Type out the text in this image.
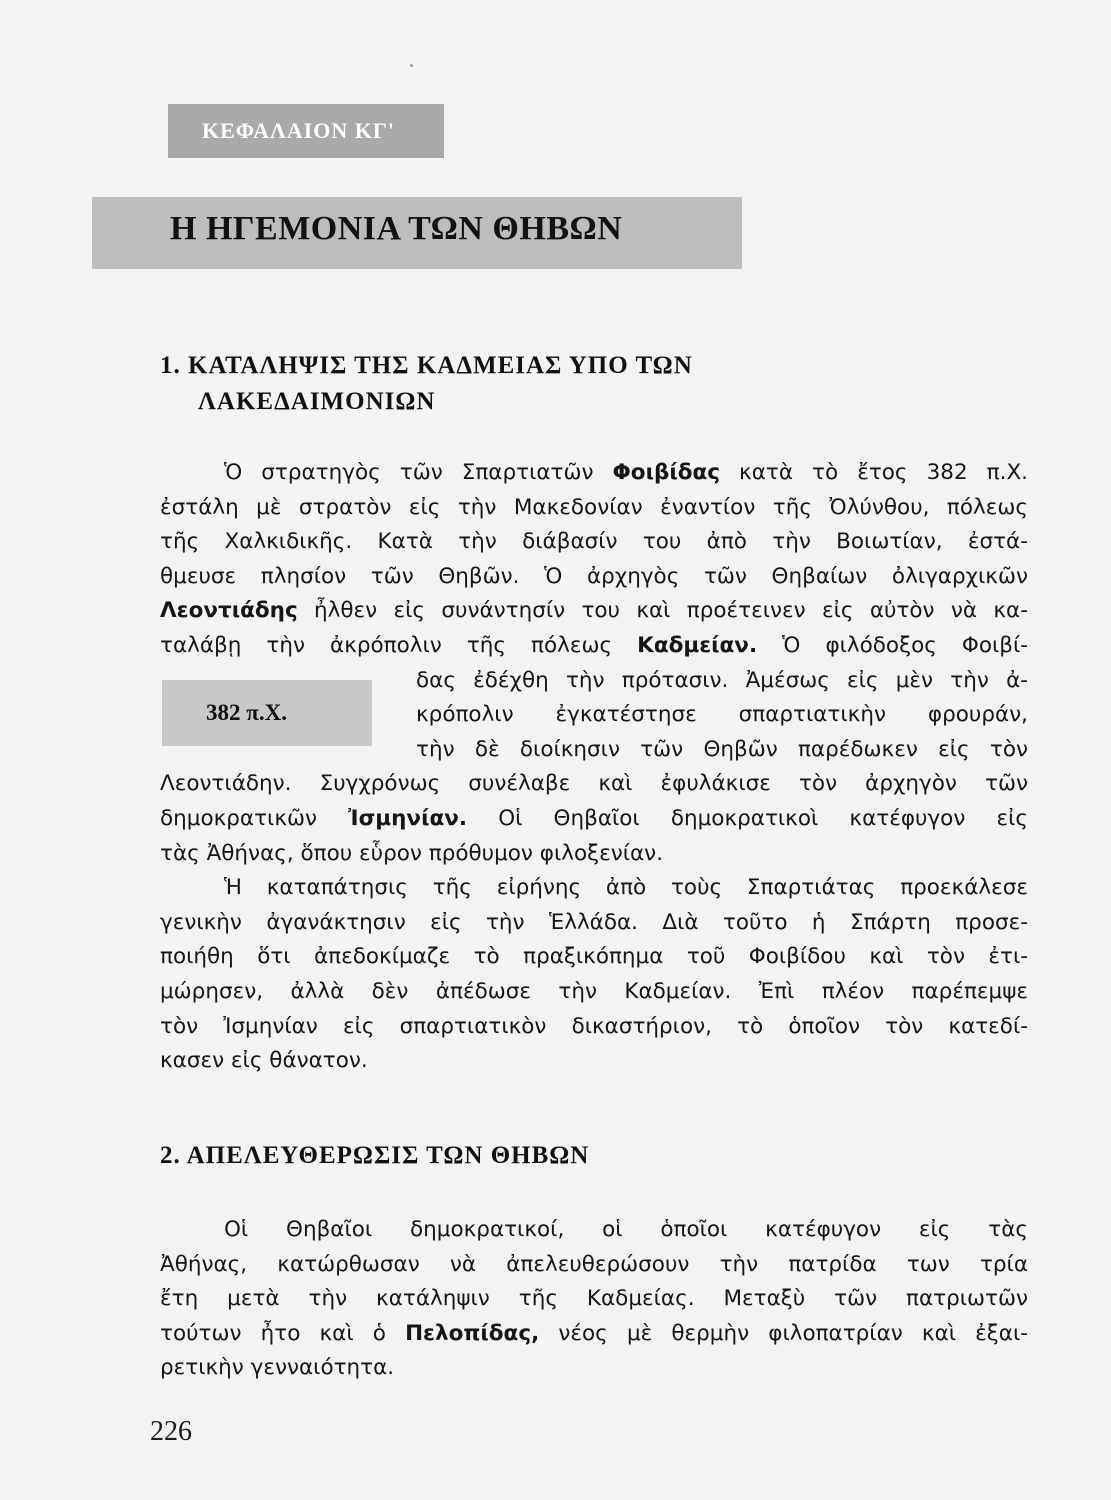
ΚΕΦΑΛΑΙΟΝ ΚΓ'
Η ΗΓΕΜΟΝΙΑ ΤΩΝ ΘΗΒΩΝ
1. ΚΑΤΑΛΗΨΙΣ ΤΗΣ ΚΑΔΜΕΙΑΣ ΥΠΟ ΤΩΝ
ΛΑΚΕΔΑΙΜΟΝΙΩΝ
Ὁ στρατηγὸς τῶν Σπαρτιατῶν Φοιβίδας κατὰ τὸ ἔτος 382 π.Χ.
ἐστάλη μὲ στρατὸν εἰς τὴν Μακεδονίαν ἐναντίον τῆς Ὀλύνθου, πόλεως
τῆς Χαλκιδικῆς. Κατὰ τὴν διάβασίν του ἀπὸ τὴν Βοιωτίαν, ἐστά-
θμευσε πλησίον τῶν Θηβῶν. Ὁ ἀρχηγὸς τῶν Θηβαίων ὀλιγαρχικῶν
Λεοντιάδης ἦλθεν εἰς συνάντησίν του καὶ προέτεινεν εἰς αὐτὸν νὰ κα-
ταλάβῃ τὴν ἀκρόπολιν τῆς πόλεως Καδμείαν. Ὁ φιλόδοξος Φοιβί-
δας ἐδέχθη τὴν πρότασιν. Ἀμέσως εἰς μὲν τὴν ἀ-
κρόπολιν ἐγκατέστησε σπαρτιατικὴν φρουράν,
τὴν δὲ διοίκησιν τῶν Θηβῶν παρέδωκεν εἰς τὸν
Λεοντιάδην. Συγχρόνως συνέλαβε καὶ ἐφυλάκισε τὸν ἀρχηγὸν τῶν
δημοκρατικῶν Ἰσμηνίαν. Οἱ Θηβαῖοι δημοκρατικοὶ κατέφυγον εἰς
τὰς Ἀθήνας, ὅπου εὗρον πρόθυμον φιλοξενίαν.
Ἡ καταπάτησις τῆς εἰρήνης ἀπὸ τοὺς Σπαρτιάτας προεκάλεσε
γενικὴν ἀγανάκτησιν εἰς τὴν Ἑλλάδα. Διὰ τοῦτο ἡ Σπάρτη προσε-
ποιήθη ὅτι ἀπεδοκίμαζε τὸ πραξικόπημα τοῦ Φοιβίδου καὶ τὸν ἐτι-
μώρησεν, ἀλλὰ δὲν ἀπέδωσε τὴν Καδμείαν. Ἐπὶ πλέον παρέπεμψε
τὸν Ἰσμηνίαν εἰς σπαρτιατικὸν δικαστήριον, τὸ ὁποῖον τὸν κατεδί-
κασεν εἰς θάνατον.
382 π.Χ.
2. ΑΠΕΛΕΥΘΕΡΩΣΙΣ ΤΩΝ ΘΗΒΩΝ
Οἱ Θηβαῖοι δημοκρατικοί, οἱ ὁποῖοι κατέφυγον εἰς τὰς
Ἀθήνας, κατώρθωσαν νὰ ἀπελευθερώσουν τὴν πατρίδα των τρία
ἔτη μετὰ τὴν κατάληψιν τῆς Καδμείας. Μεταξὺ τῶν πατριωτῶν
τούτων ἦτο καὶ ὁ Πελοπίδας, νέος μὲ θερμὴν φιλοπατρίαν καὶ ἐξαι-
ρετικὴν γενναιότητα.

226
